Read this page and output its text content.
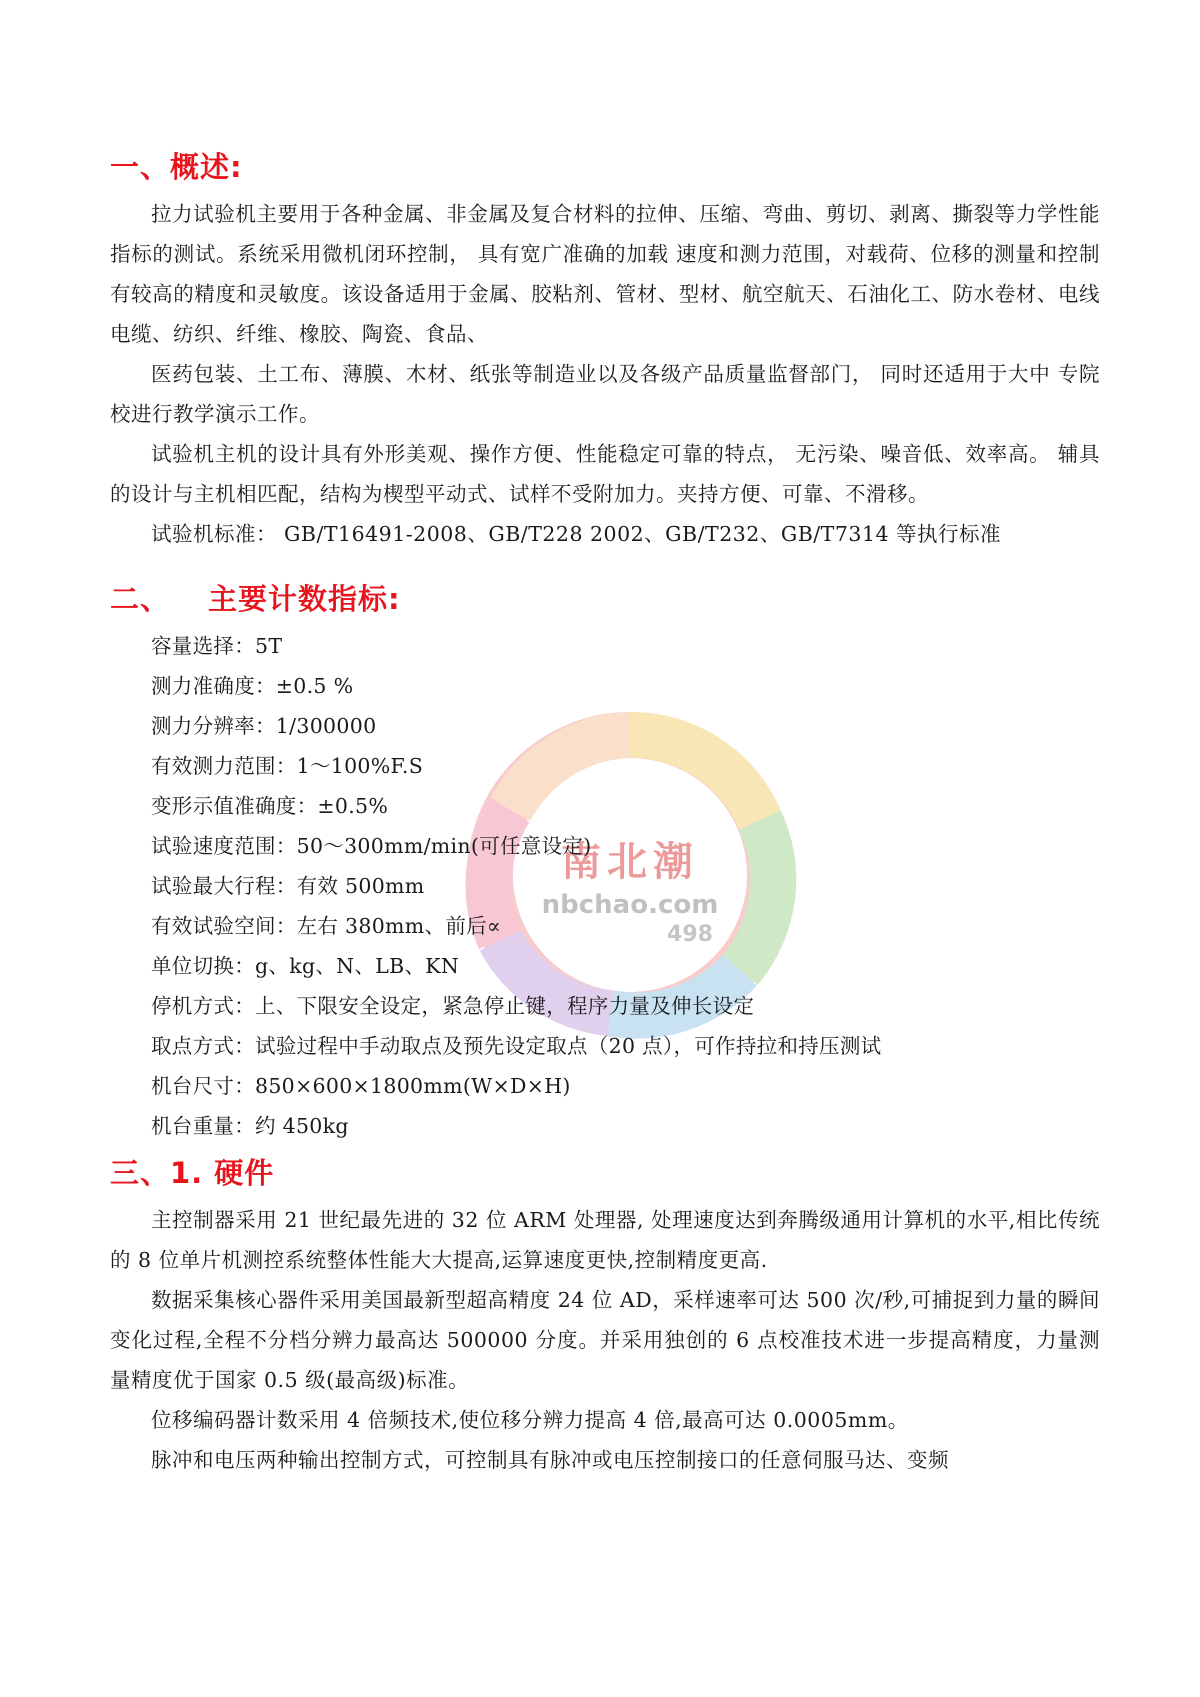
南北潮
nbchao.com
498
一、概述:

拉力试验机主要用于各种金属、非金属及复合材料的拉伸、压缩、弯曲、剪切、剥离、撕裂等力学性能指标的测试。系统采用微机闭环控制， 具有宽广准确的加载 速度和测力范围，对载荷、位移的测量和控制有较高的精度和灵敏度。该设备适用于金属、胶粘剂、管材、型材、航空航天、石油化工、防水卷材、电线电缆、纺织、纤维、橡胶、陶瓷、食品、

医药包装、土工布、薄膜、木材、纸张等制造业以及各级产品质量监督部门， 同时还适用于大中 专院校进行教学演示工作。

试验机主机的设计具有外形美观、操作方便、性能稳定可靠的特点， 无污染、噪音低、效率高。 辅具的设计与主机相匹配，结构为楔型平动式、试样不受附加力。夹持方便、可靠、不滑移。

试验机标准： GB/T16491-2008、GB/T228 2002、GB/T232、GB/T7314 等执行标准

二、 主要计数指标:
容量选择：5T
测力准确度：±0.5 %
测力分辨率：1/300000
有效测力范围：1～100%F.S
变形示值准确度：±0.5%
试验速度范围：50～300mm/min(可任意设定)
试验最大行程：有效 500mm
有效试验空间：左右 380mm、前后∝
单位切换：g、kg、N、LB、KN
停机方式：上、下限安全设定，紧急停止键，程序力量及伸长设定
取点方式：试验过程中手动取点及预先设定取点（20 点），可作持拉和持压测试
机台尺寸：850×600×1800mm(W×D×H)
机台重量：约 450kg
三、1. 硬件

主控制器采用 21 世纪最先进的 32 位 ARM 处理器, 处理速度达到奔腾级通用计算机的水平,相比传统的 8 位单片机测控系统整体性能大大提高,运算速度更快,控制精度更高.

数据采集核心器件采用美国最新型超高精度 24 位 AD，采样速率可达 500 次/秒,可捕捉到力量的瞬间变化过程,全程不分档分辨力最高达 500000 分度。并采用独创的 6 点校准技术进一步提高精度，力量测量精度优于国家 0.5 级(最高级)标准。

位移编码器计数采用 4 倍频技术,使位移分辨力提高 4 倍,最高可达 0.0005mm。

脉冲和电压两种输出控制方式，可控制具有脉冲或电压控制接口的任意伺服马达、变频
